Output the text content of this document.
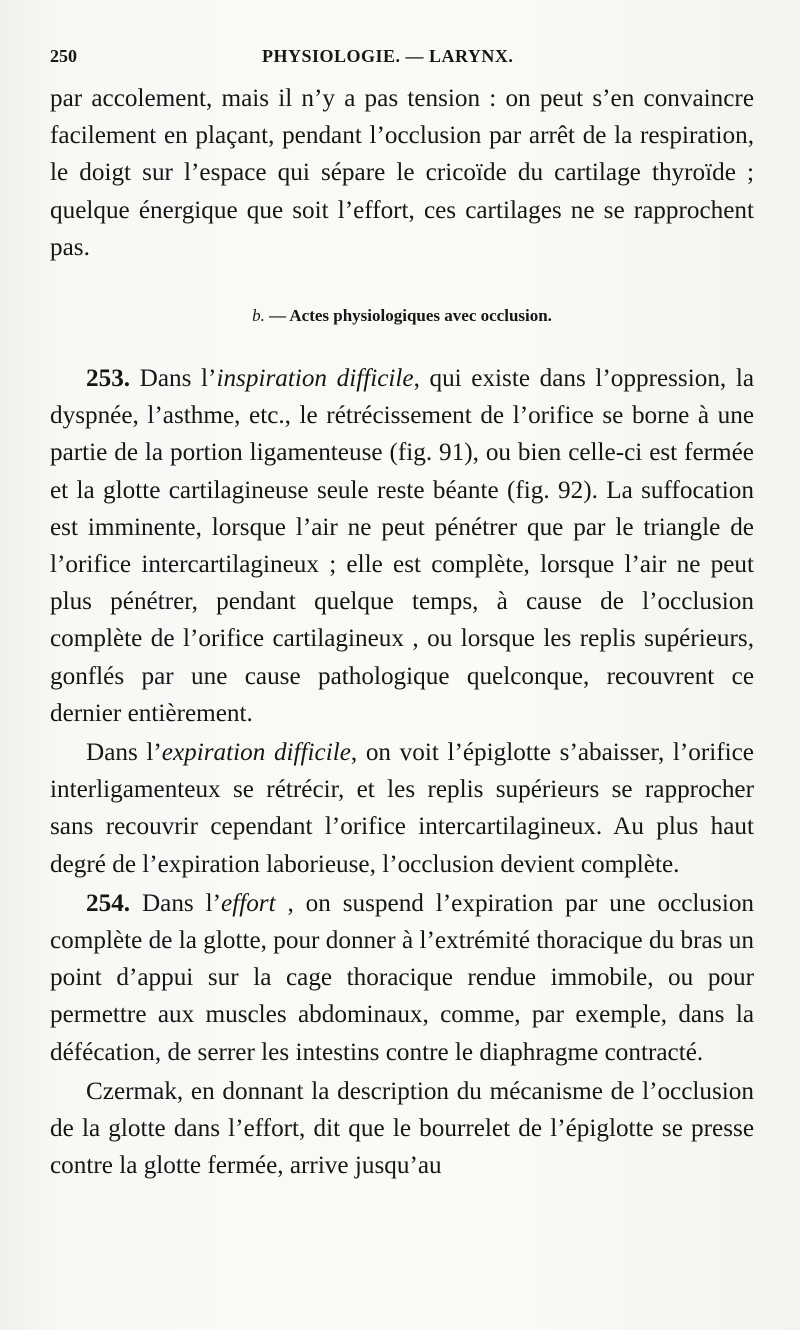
250	PHYSIOLOGIE. — LARYNX.

par accolement, mais il n’y a pas tension : on peut s’en convaincre facilement en plaçant, pendant l’occlusion par arrêt de la respiration, le doigt sur l’espace qui sépare le cricoïde du cartilage thyroïde ; quelque énergique que soit l’effort, ces cartilages ne se rapprochent pas.

b. — Actes physiologiques avec occlusion.

253. Dans l’inspiration difficile, qui existe dans l’oppression, la dyspnée, l’asthme, etc., le rétrécissement de l’orifice se borne à une partie de la portion ligamenteuse (fig. 91), ou bien celle-ci est fermée et la glotte cartilagineuse seule reste béante (fig. 92). La suffocation est imminente, lorsque l’air ne peut pénétrer que par le triangle de l’orifice intercartilagineux ; elle est complète, lorsque l’air ne peut plus pénétrer, pendant quelque temps, à cause de l’occlusion complète de l’orifice cartilagineux , ou lorsque les replis supérieurs, gonflés par une cause pathologique quelconque, recouvrent ce dernier entièrement.

Dans l’expiration difficile, on voit l’épiglotte s’abaisser, l’orifice interligamenteux se rétrécir, et les replis supérieurs se rapprocher sans recouvrir cependant l’orifice intercartilagineux. Au plus haut degré de l’expiration laborieuse, l’occlusion devient complète.

254. Dans l’effort , on suspend l’expiration par une occlusion complète de la glotte, pour donner à l’extrémité thoracique du bras un point d’appui sur la cage thoracique rendue immobile, ou pour permettre aux muscles abdominaux, comme, par exemple, dans la défécation, de serrer les intestins contre le diaphragme contracté.

Czermak, en donnant la description du mécanisme de l’occlusion de la glotte dans l’effort, dit que le bourrelet de l’épiglotte se presse contre la glotte fermée, arrive jusqu’au
